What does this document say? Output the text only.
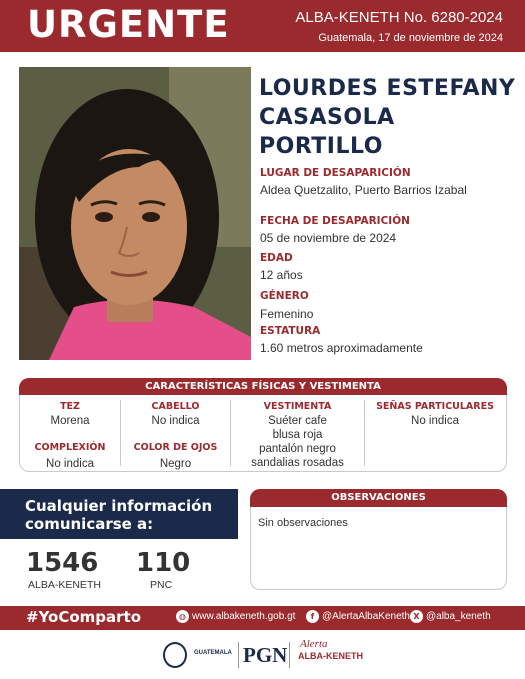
URGENTE	ALBA-KENETH No. 6280-2024
Guatemala, 17 de noviembre de 2024
LOURDES ESTEFANY
CASASOLA
PORTILLO
LUGAR DE DESAPARICIÓN
Aldea Quetzalito, Puerto Barrios Izabal
FECHA DE DESAPARICIÓN
05 de noviembre de 2024
EDAD
12 años
GÉNERO
Femenino
ESTATURA
1.60 metros aproximadamente
CARACTERÍSTICAS FÍSICAS Y VESTIMENTA
TEZ
Morena
CABELLO
No indica
VESTIMENTA
Suéter cafe
blusa roja
pantalón negro
sandalias rosadas
SEÑAS PARTICULARES
No indica
COMPLEXIÓN
No indica
COLOR DE OJOS
Negro
Cualquier información
comunicarse a:
1546
ALBA-KENETH
110
PNC
OBSERVACIONES
Sin observaciones
#YoComparto	◍ www.albakeneth.gob.gt	f @AlertaAlbaKeneth X @alba_keneth
GUATEMALA PGN Alerta
ALBA-KENETH
